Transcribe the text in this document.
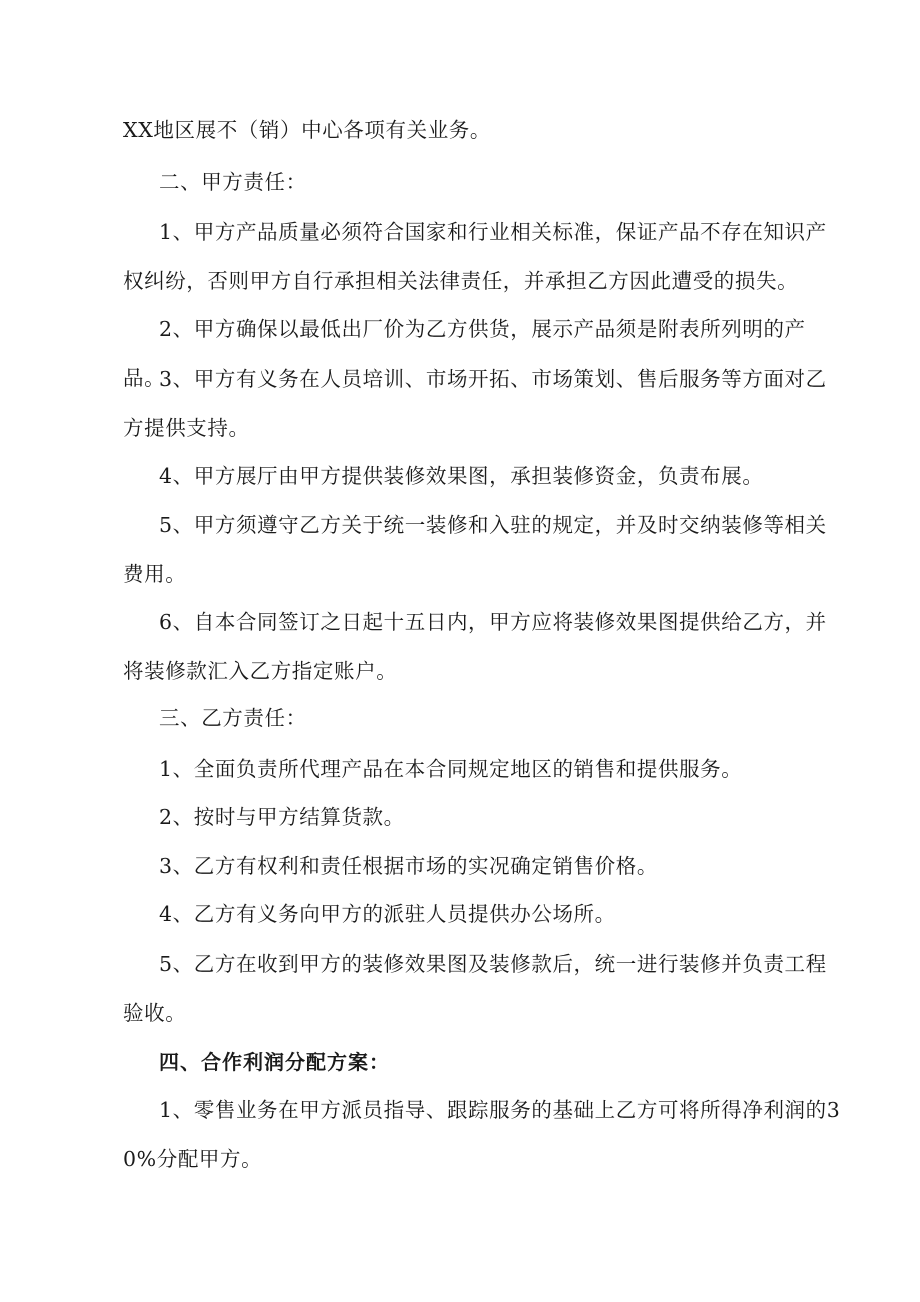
XX地区展不（销）中心各项有关业务。

二、甲方责任：

1、甲方产品质量必须符合国家和行业相关标准，保证产品不存在知识产权纠纷，否则甲方自行承担相关法律责任，并承担乙方因此遭受的损失。

2、甲方确保以最低出厂价为乙方供货，展示产品须是附表所列明的产品。

3、甲方有义务在人员培训、市场开拓、市场策划、售后服务等方面对乙方提供支持。

4、甲方展厅由甲方提供装修效果图，承担装修资金，负责布展。

5、甲方须遵守乙方关于统一装修和入驻的规定，并及时交纳装修等相关费用。

6、自本合同签订之日起十五日内，甲方应将装修效果图提供给乙方，并将装修款汇入乙方指定账户。

三、乙方责任：

1、全面负责所代理产品在本合同规定地区的销售和提供服务。

2、按时与甲方结算货款。

3、乙方有权利和责任根据市场的实况确定销售价格。

4、乙方有义务向甲方的派驻人员提供办公场所。

5、乙方在收到甲方的装修效果图及装修款后，统一进行装修并负责工程验收。

四、合作利润分配方案：

1、零售业务在甲方派员指导、跟踪服务的基础上乙方可将所得净利润的30%分配甲方。
